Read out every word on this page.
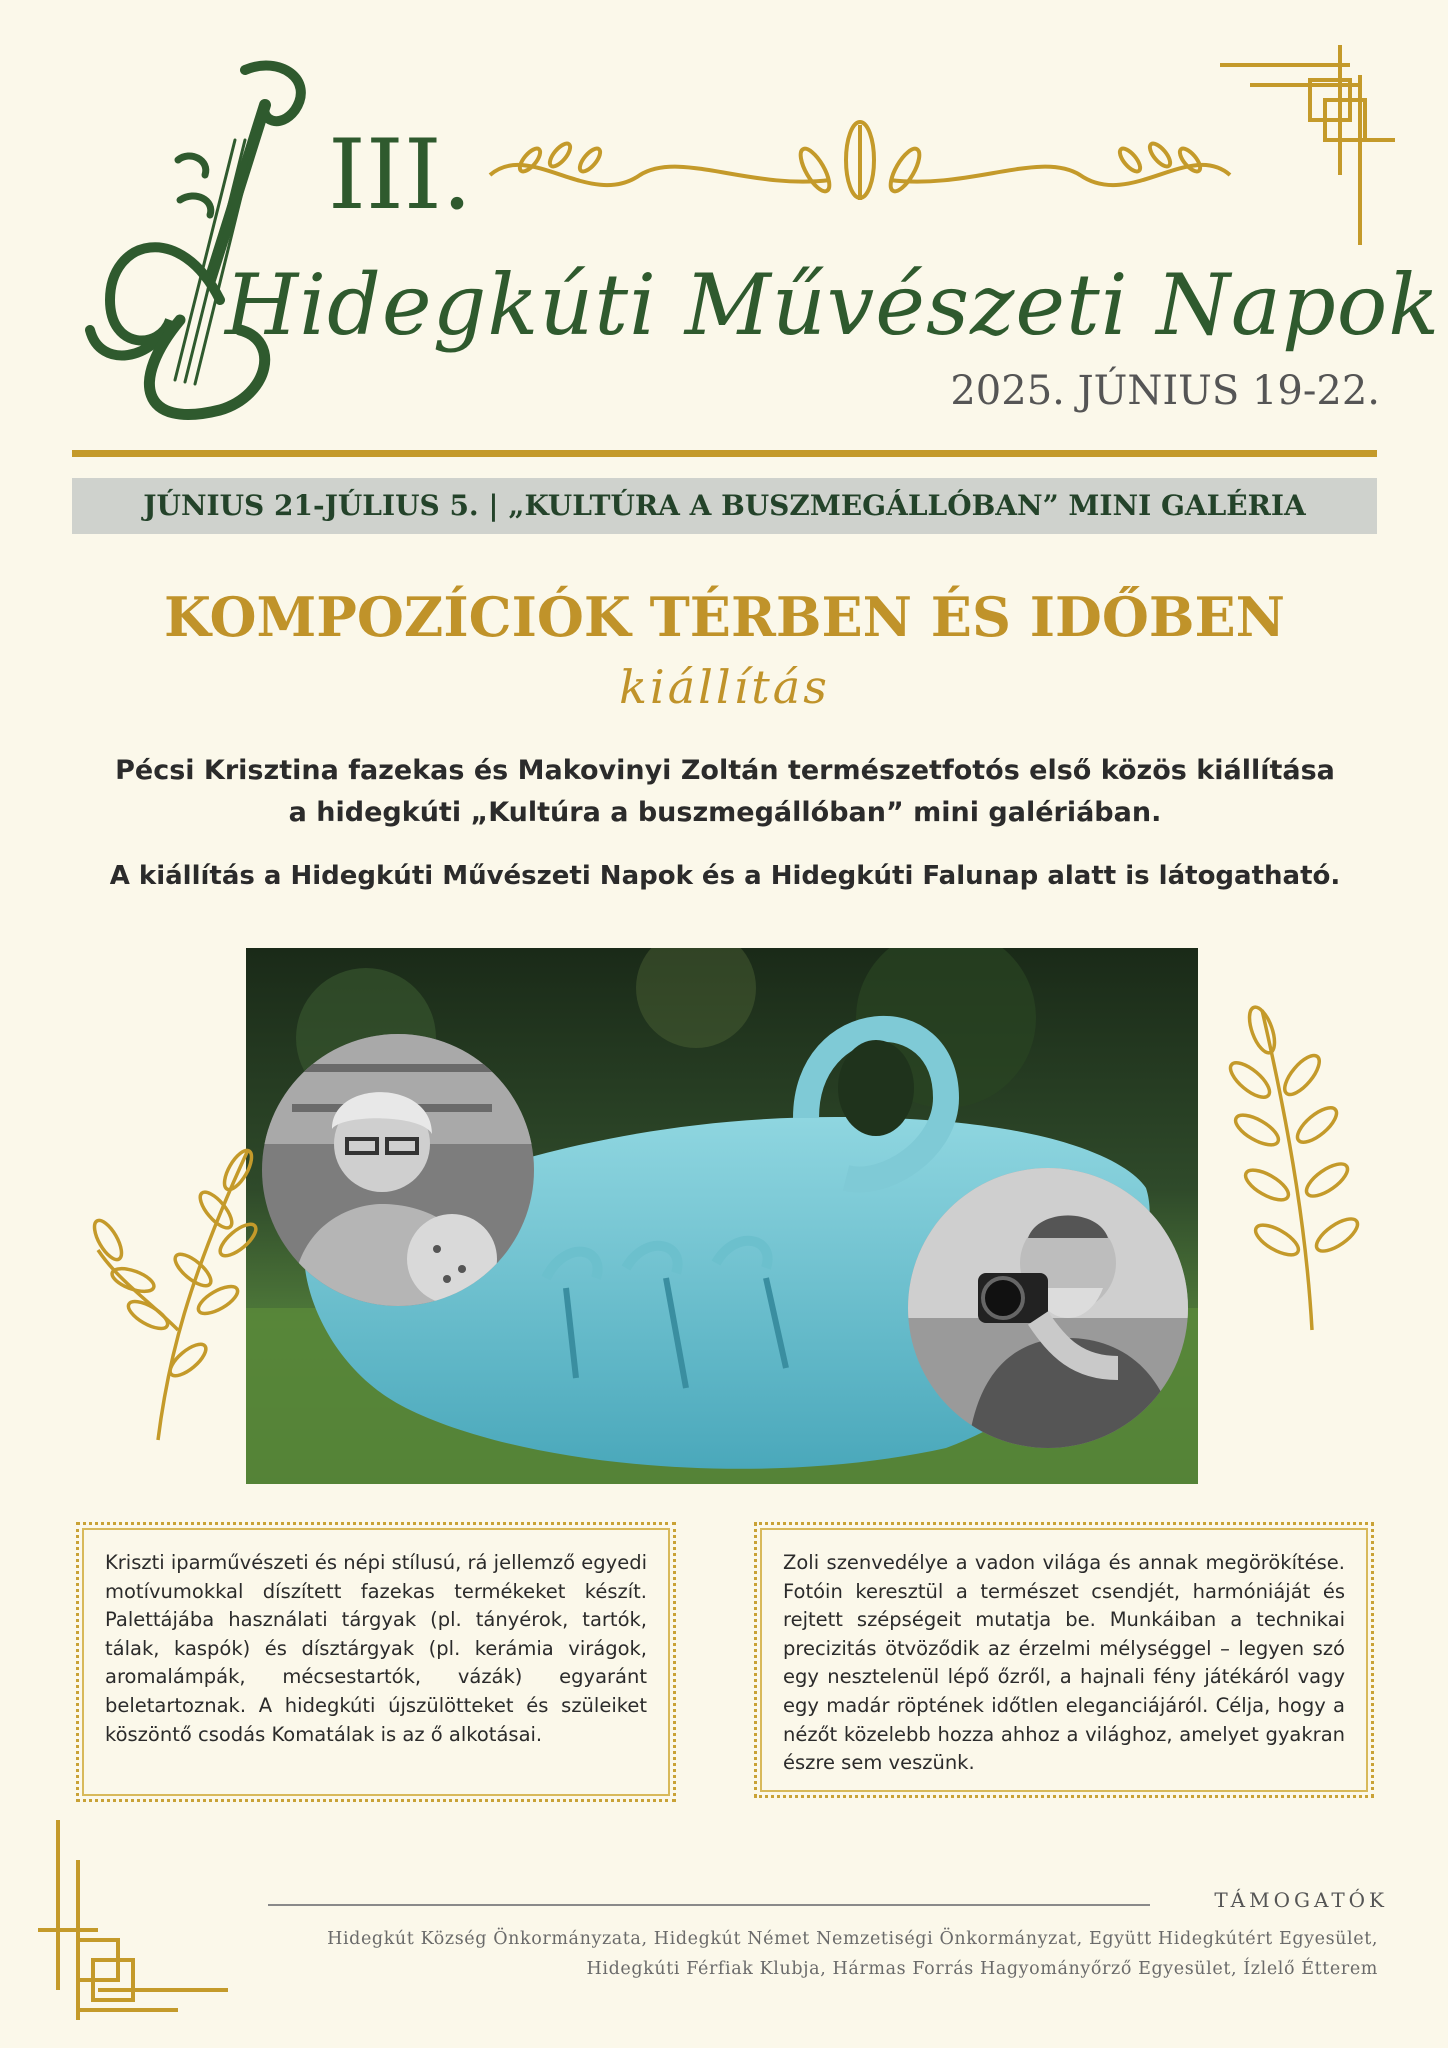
III.
Hidegkúti Művészeti Napok
2025. JÚNIUS 19-22.
JÚNIUS 21-JÚLIUS 5. | „KULTÚRA A BUSZMEGÁLLÓBAN” MINI GALÉRIA
KOMPOZÍCIÓK TÉRBEN ÉS IDŐBEN
kiállítás
Pécsi Krisztina fazekas és Makovinyi Zoltán természetfotós első közös kiállítása
a hidegkúti „Kultúra a buszmegállóban” mini galériában.
A kiállítás a Hidegkúti Művészeti Napok és a Hidegkúti Falunap alatt is látogatható.

Kriszti iparművészeti és népi stílusú, rá jellemző egyedi motívumokkal díszített fazekas termékeket készít. Palettájába használati tárgyak (pl. tányérok, tartók, tálak, kaspók) és dísztárgyak (pl. kerámia virágok, aromalámpák, mécsestartók, vázák) egyaránt beletartoznak. A hidegkúti újszülötteket és szüleiket köszöntő csodás Komatálak is az ő alkotásai.

Zoli szenvedélye a vadon világa és annak megörökítése. Fotóin keresztül a természet csendjét, harmóniáját és rejtett szépségeit mutatja be. Munkáiban a technikai precizitás ötvöződik az érzelmi mélységgel – legyen szó egy nesztelenül lépő őzről, a hajnali fény játékáról vagy egy madár röptének időtlen eleganciájáról. Célja, hogy a nézőt közelebb hozza ahhoz a világhoz, amelyet gyakran észre sem veszünk.

TÁMOGATÓK
Hidegkút Község Önkormányzata, Hidegkút Német Nemzetiségi Önkormányzat, Együtt Hidegkútért Egyesület,
Hidegkúti Férfiak Klubja, Hármas Forrás Hagyományőrző Egyesület, Ízlelő Étterem
